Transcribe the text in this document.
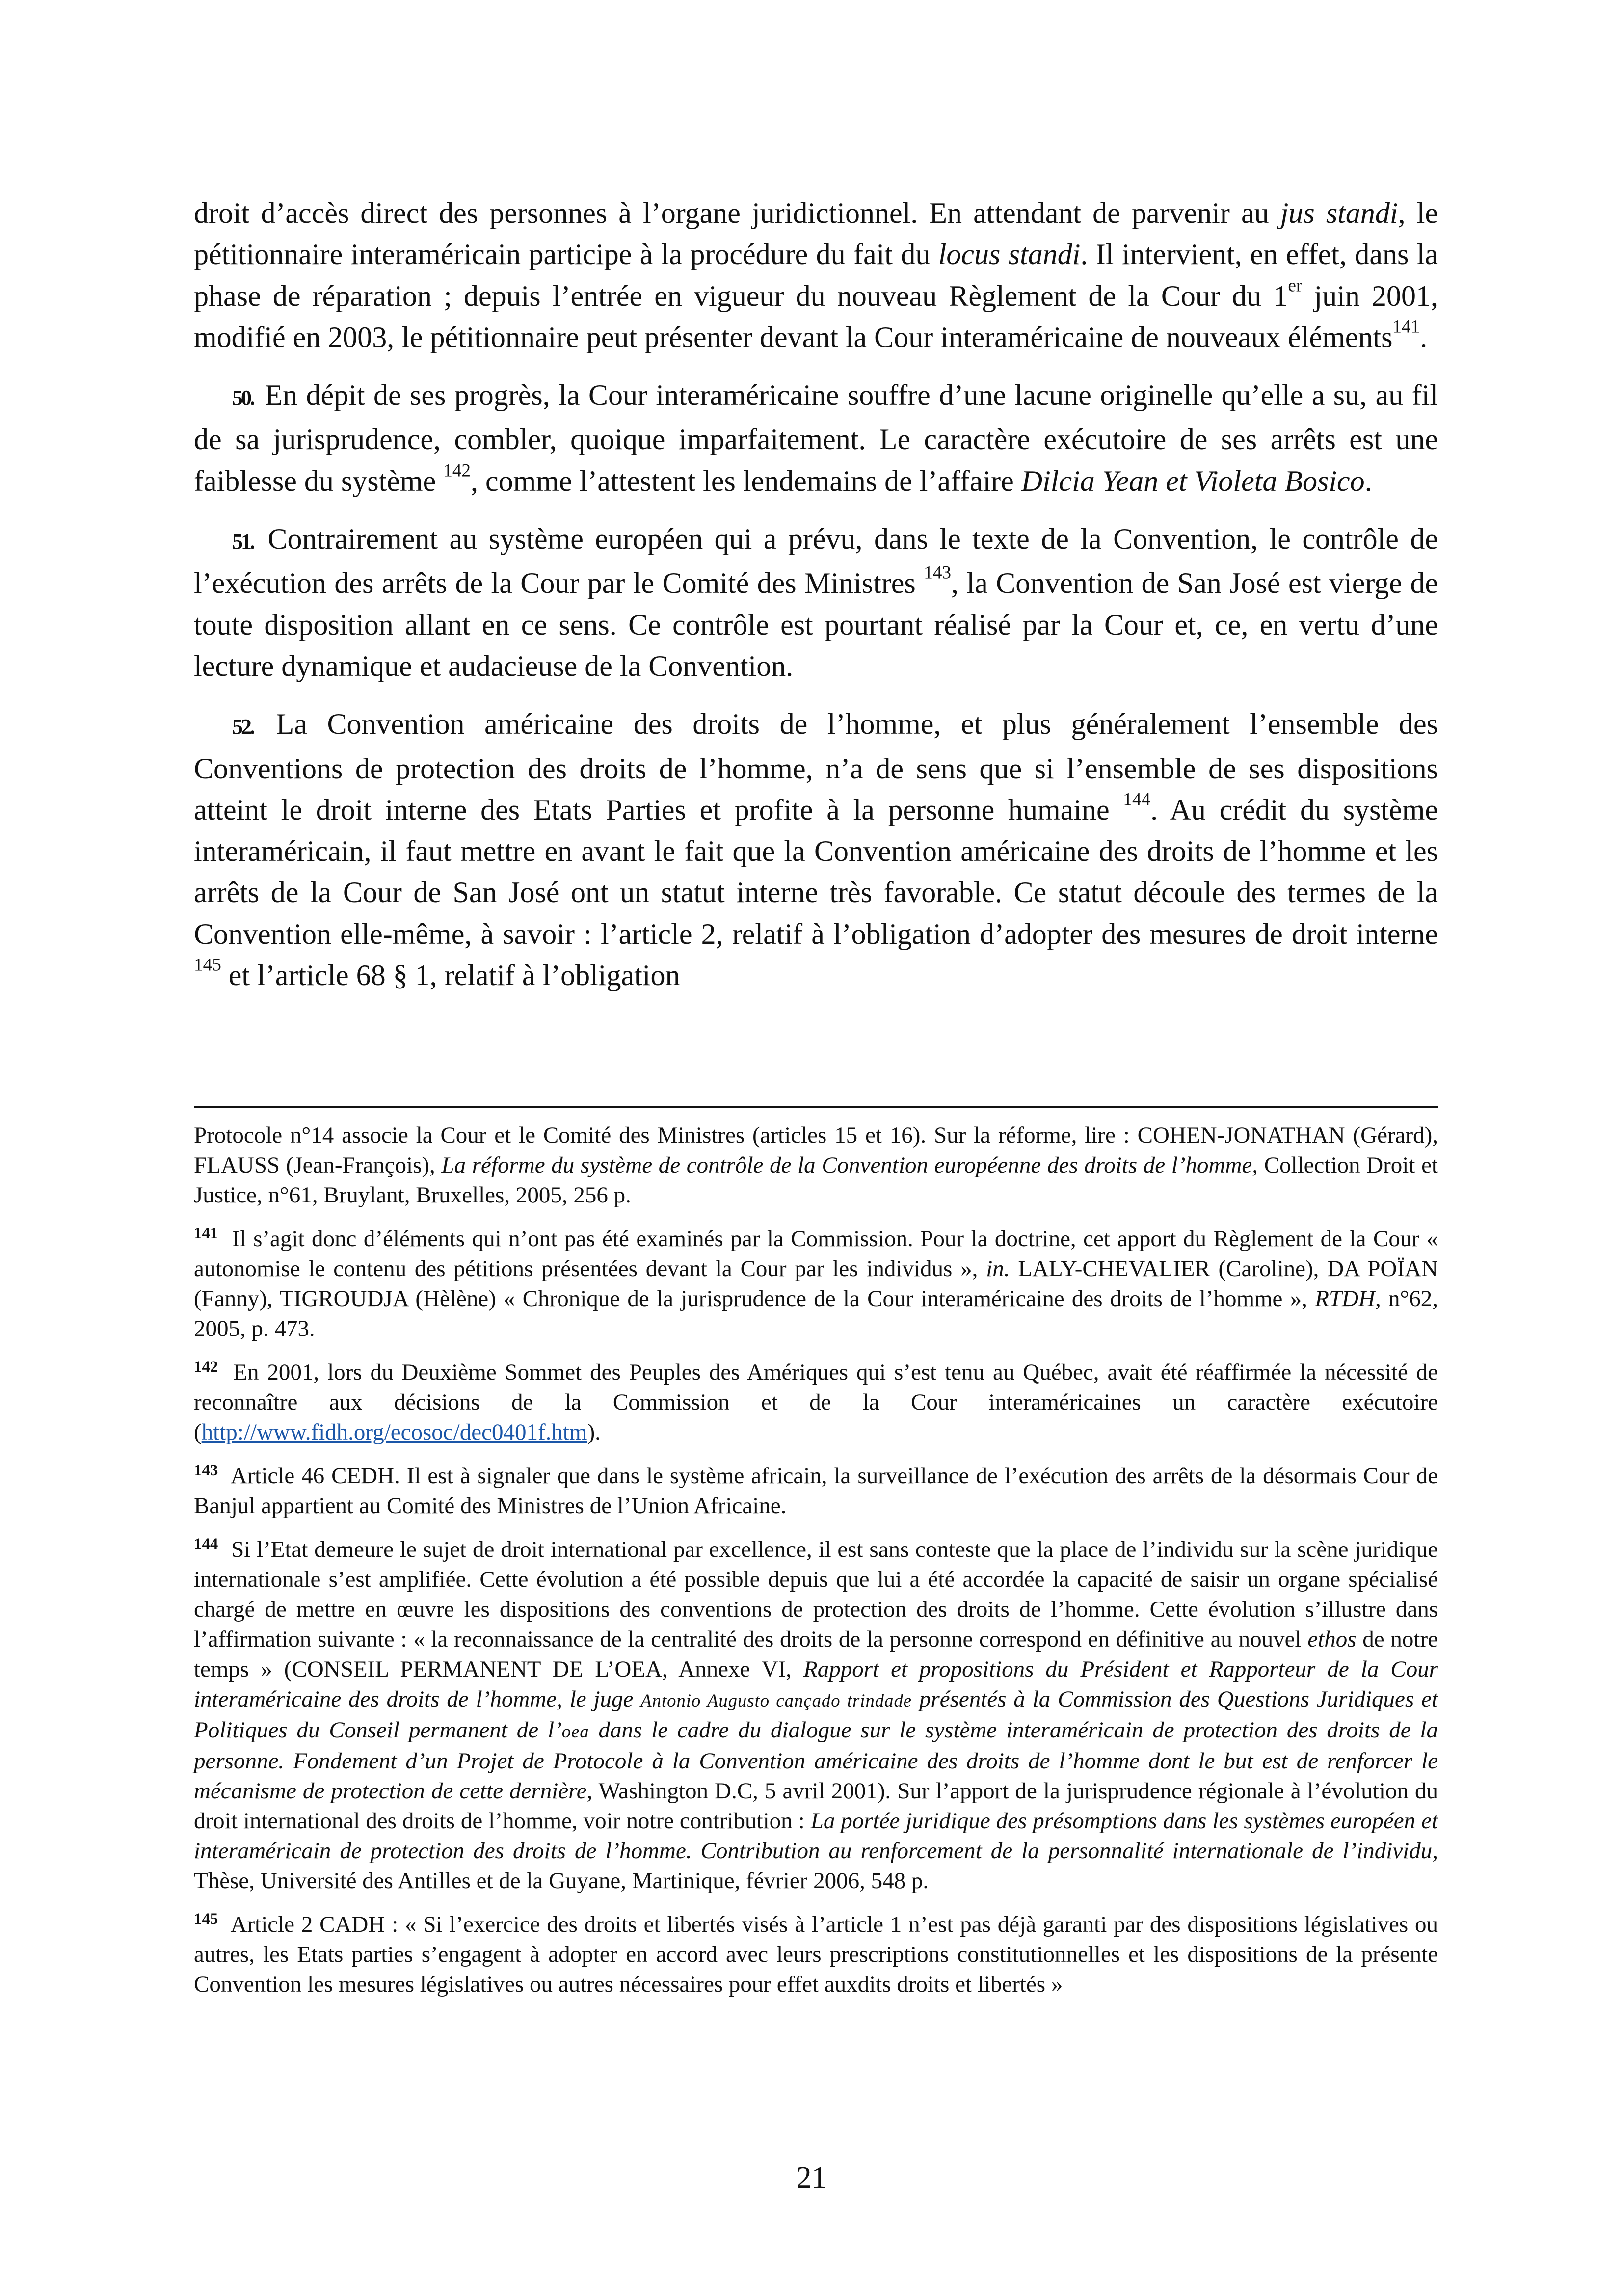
droit d’accès direct des personnes à l’organe juridictionnel. En attendant de parvenir au jus standi, le pétitionnaire interaméricain participe à la procédure du fait du locus standi. Il intervient, en effet, dans la phase de réparation ; depuis l’entrée en vigueur du nouveau Règlement de la Cour du 1er juin 2001, modifié en 2003, le pétitionnaire peut présenter devant la Cour interaméricaine de nouveaux éléments$^{141}$.

50. En dépit de ses progrès, la Cour interaméricaine souffre d’une lacune originelle qu’elle a su, au fil de sa jurisprudence, combler, quoique imparfaitement. Le caractère exécutoire de ses arrêts est une faiblesse du système $^{142}$, comme l’attestent les lendemains de l’affaire Dilcia Yean et Violeta Bosico.

51. Contrairement au système européen qui a prévu, dans le texte de la Convention, le contrôle de l’exécution des arrêts de la Cour par le Comité des Ministres $^{143}$, la Convention de San José est vierge de toute disposition allant en ce sens. Ce contrôle est pourtant réalisé par la Cour et, ce, en vertu d’une lecture dynamique et audacieuse de la Convention.

52. La Convention américaine des droits de l’homme, et plus généralement l’ensemble des Conventions de protection des droits de l’homme, n’a de sens que si l’ensemble de ses dispositions atteint le droit interne des Etats Parties et profite à la personne humaine $^{144}$. Au crédit du système interaméricain, il faut mettre en avant le fait que la Convention américaine des droits de l’homme et les arrêts de la Cour de San José ont un statut interne très favorable. Ce statut découle des termes de la Convention elle-même, à savoir : l’article 2, relatif à l’obligation d’adopter des mesures de droit interne $^{145}$ et l’article 68 § 1, relatif à l’obligation

Protocole n°14 associe la Cour et le Comité des Ministres (articles 15 et 16). Sur la réforme, lire : COHEN-JONATHAN (Gérard), FLAUSS (Jean-François), La réforme du système de contrôle de la Convention européenne des droits de l’homme, Collection Droit et Justice, n°61, Bruylant, Bruxelles, 2005, 256 p.

$^{141}$ Il s’agit donc d’éléments qui n’ont pas été examinés par la Commission. Pour la doctrine, cet apport du Règlement de la Cour « autonomise le contenu des pétitions présentées devant la Cour par les individus », in. LALY-CHEVALIER (Caroline), DA POÏAN (Fanny), TIGROUDJA (Hèlène) « Chronique de la jurisprudence de la Cour interaméricaine des droits de l’homme », RTDH, n°62, 2005, p. 473.

$^{142}$ En 2001, lors du Deuxième Sommet des Peuples des Amériques qui s’est tenu au Québec, avait été réaffirmée la nécessité de reconnaître aux décisions de la Commission et de la Cour interaméricaines un caractère exécutoire (http://www.fidh.org/ecosoc/dec0401f.htm).

$^{143}$ Article 46 CEDH. Il est à signaler que dans le système africain, la surveillance de l’exécution des arrêts de la désormais Cour de Banjul appartient au Comité des Ministres de l’Union Africaine.

$^{144}$ Si l’Etat demeure le sujet de droit international par excellence, il est sans conteste que la place de l’individu sur la scène juridique internationale s’est amplifiée. Cette évolution a été possible depuis que lui a été accordée la capacité de saisir un organe spécialisé chargé de mettre en œuvre les dispositions des conventions de protection des droits de l’homme. Cette évolution s’illustre dans l’affirmation suivante : « la reconnaissance de la centralité des droits de la personne correspond en définitive au nouvel ethos de notre temps » (CONSEIL PERMANENT DE L’OEA, Annexe VI, Rapport et propositions du Président et Rapporteur de la Cour interaméricaine des droits de l’homme, le juge Antonio Augusto cançado trindade présentés à la Commission des Questions Juridiques et Politiques du Conseil permanent de l’oea dans le cadre du dialogue sur le système interaméricain de protection des droits de la personne. Fondement d’un Projet de Protocole à la Convention américaine des droits de l’homme dont le but est de renforcer le mécanisme de protection de cette dernière, Washington D.C, 5 avril 2001). Sur l’apport de la jurisprudence régionale à l’évolution du droit international des droits de l’homme, voir notre contribution : La portée juridique des présomptions dans les systèmes européen et interaméricain de protection des droits de l’homme. Contribution au renforcement de la personnalité internationale de l’individu, Thèse, Université des Antilles et de la Guyane, Martinique, février 2006, 548 p.

$^{145}$ Article 2 CADH : « Si l’exercice des droits et libertés visés à l’article 1 n’est pas déjà garanti par des dispositions législatives ou autres, les Etats parties s’engagent à adopter en accord avec leurs prescriptions constitutionnelles et les dispositions de la présente Convention les mesures législatives ou autres nécessaires pour effet auxdits droits et libertés »

21
